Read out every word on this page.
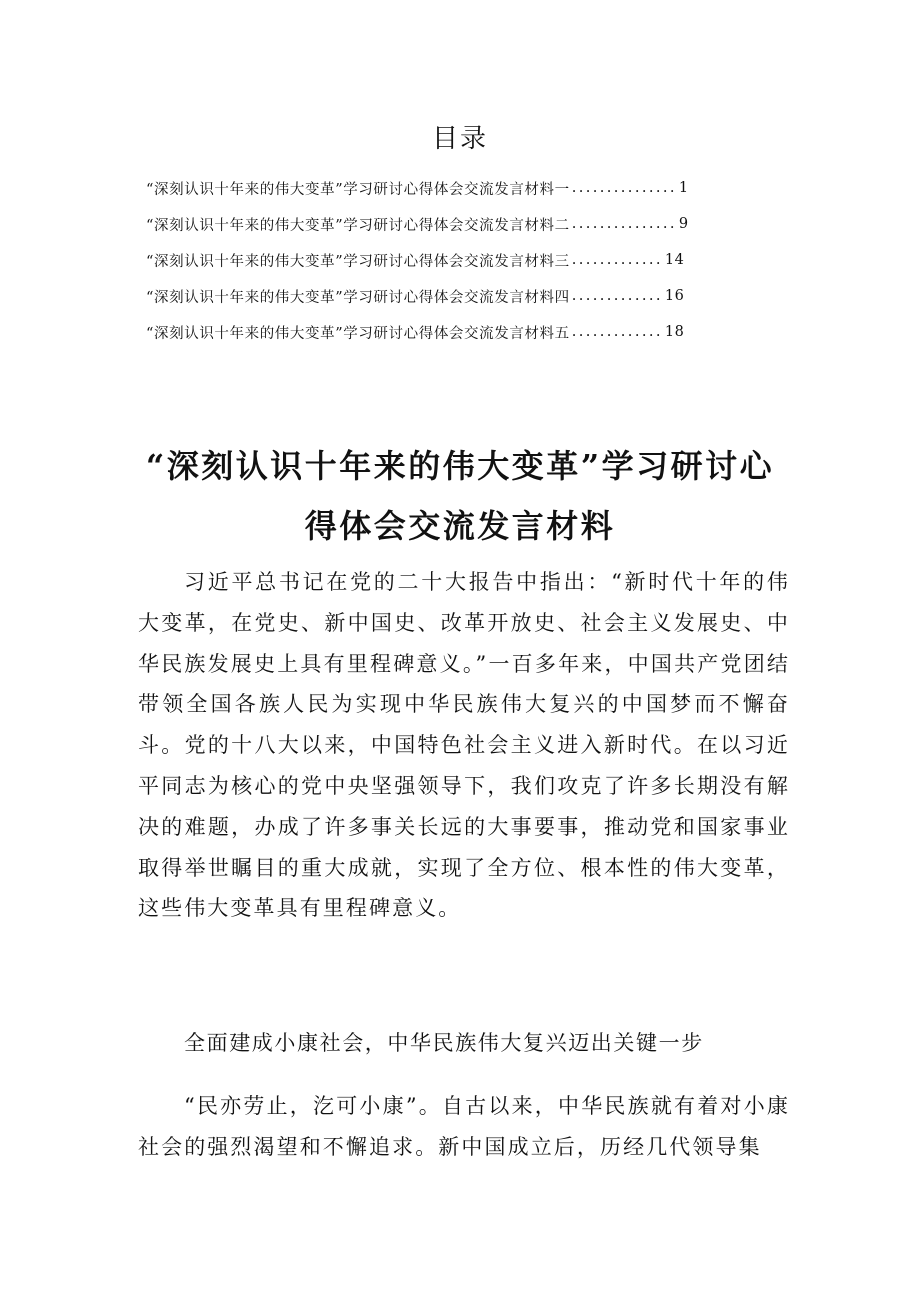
目录
“深刻认识十年来的伟大变革”学习研讨心得体会交流发言材料一 ............... 1
“深刻认识十年来的伟大变革”学习研讨心得体会交流发言材料二 ............... 9
“深刻认识十年来的伟大变革”学习研讨心得体会交流发言材料三 ............. 14
“深刻认识十年来的伟大变革”学习研讨心得体会交流发言材料四 ............. 16
“深刻认识十年来的伟大变革”学习研讨心得体会交流发言材料五 ............. 18
“深刻认识十年来的伟大变革”学习研讨心
得体会交流发言材料

习近平总书记在党的二十大报告中指出：“新时代十年的伟大变革，在党史、新中国史、改革开放史、社会主义发展史、中华民族发展史上具有里程碑意义。”一百多年来，中国共产党团结带领全国各族人民为实现中华民族伟大复兴的中国梦而不懈奋斗。党的十八大以来，中国特色社会主义进入新时代。在以习近平同志为核心的党中央坚强领导下，我们攻克了许多长期没有解决的难题，办成了许多事关长远的大事要事，推动党和国家事业取得举世瞩目的重大成就，实现了全方位、根本性的伟大变革，这些伟大变革具有里程碑意义。

全面建成小康社会，中华民族伟大复兴迈出关键一步

“民亦劳止，汔可小康”。自古以来，中华民族就有着对小康社会的强烈渴望和不懈追求。新中国成立后，历经几代领导集
